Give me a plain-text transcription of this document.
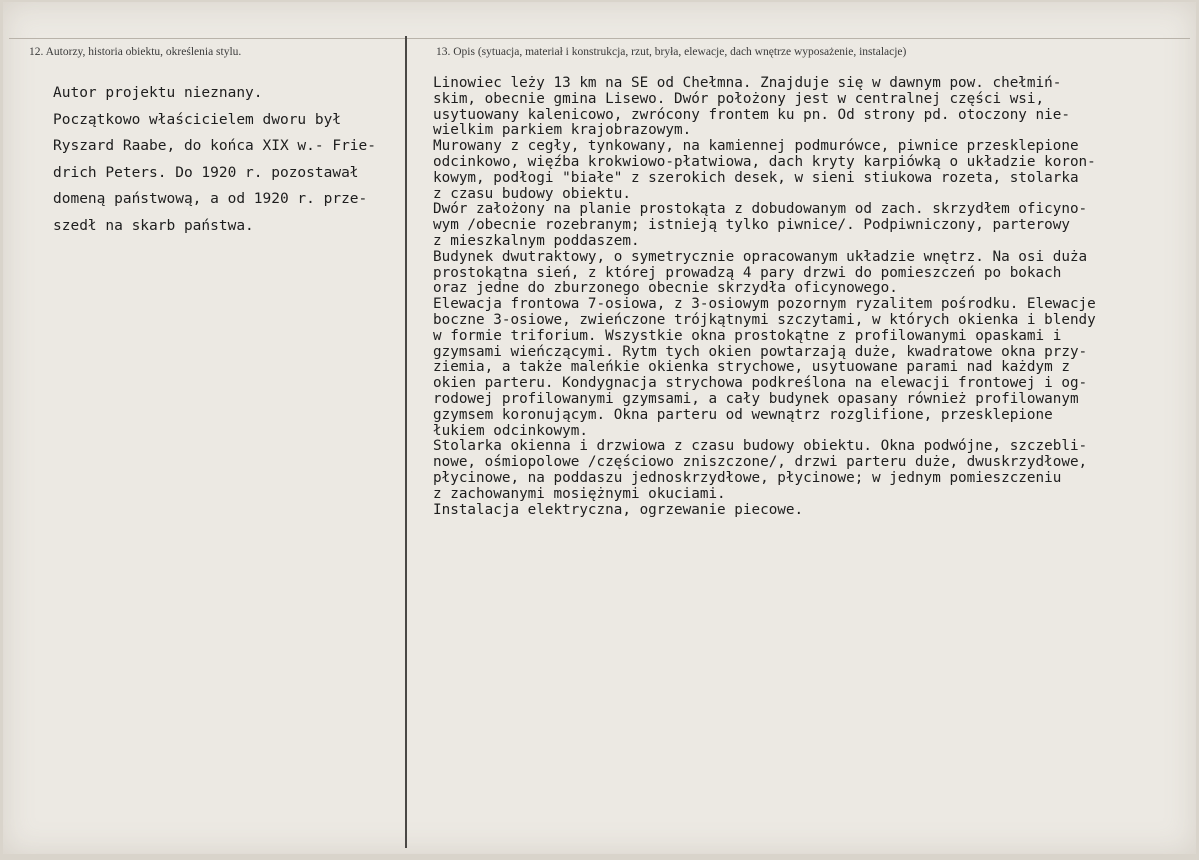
12. Autorzy, historia obiektu, określenia stylu.	13. Opis (sytuacja, materiał i konstrukcja, rzut, bryła, elewacje, dach wnętrze wyposażenie, instalacje)
Autor projektu nieznany.
Początkowo właścicielem dworu był
Ryszard Raabe, do końca XIX w.- Frie-
drich Peters. Do 1920 r. pozostawał
domeną państwową, a od 1920 r. prze-
szedł na skarb państwa.
Linowiec leży 13 km na SE od Chełmna. Znajduje się w dawnym pow. chełmiń-
skim, obecnie gmina Lisewo. Dwór położony jest w centralnej części wsi,
usytuowany kalenicowo, zwrócony frontem ku pn. Od strony pd. otoczony nie-
wielkim parkiem krajobrazowym.
Murowany z cegły, tynkowany, na kamiennej podmurówce, piwnice przesklepione
odcinkowo, więźba krokwiowo-płatwiowa, dach kryty karpiówką o układzie koron-
kowym, podłogi "białe" z szerokich desek, w sieni stiukowa rozeta, stolarka
z czasu budowy obiektu.
Dwór założony na planie prostokąta z dobudowanym od zach. skrzydłem oficyno-
wym /obecnie rozebranym; istnieją tylko piwnice/. Podpiwniczony, parterowy
z mieszkalnym poddaszem.
Budynek dwutraktowy, o symetrycznie opracowanym układzie wnętrz. Na osi duża
prostokątna sień, z której prowadzą 4 pary drzwi do pomieszczeń po bokach
oraz jedne do zburzonego obecnie skrzydła oficynowego.
Elewacja frontowa 7-osiowa, z 3-osiowym pozornym ryzalitem pośrodku. Elewacje
boczne 3-osiowe, zwieńczone trójkątnymi szczytami, w których okienka i blendy
w formie triforium. Wszystkie okna prostokątne z profilowanymi opaskami i
gzymsami wieńczącymi. Rytm tych okien powtarzają duże, kwadratowe okna przy-
ziemia, a także maleńkie okienka strychowe, usytuowane parami nad każdym z
okien parteru. Kondygnacja strychowa podkreślona na elewacji frontowej i og-
rodowej profilowanymi gzymsami, a cały budynek opasany również profilowanym
gzymsem koronującym. Okna parteru od wewnątrz rozglifione, przesklepione
łukiem odcinkowym.
Stolarka okienna i drzwiowa z czasu budowy obiektu. Okna podwójne, szczebli-
nowe, ośmiopolowe /częściowo zniszczone/, drzwi parteru duże, dwuskrzydłowe,
płycinowe, na poddaszu jednoskrzydłowe, płycinowe; w jednym pomieszczeniu
z zachowanymi mosiężnymi okuciami.
Instalacja elektryczna, ogrzewanie piecowe.
